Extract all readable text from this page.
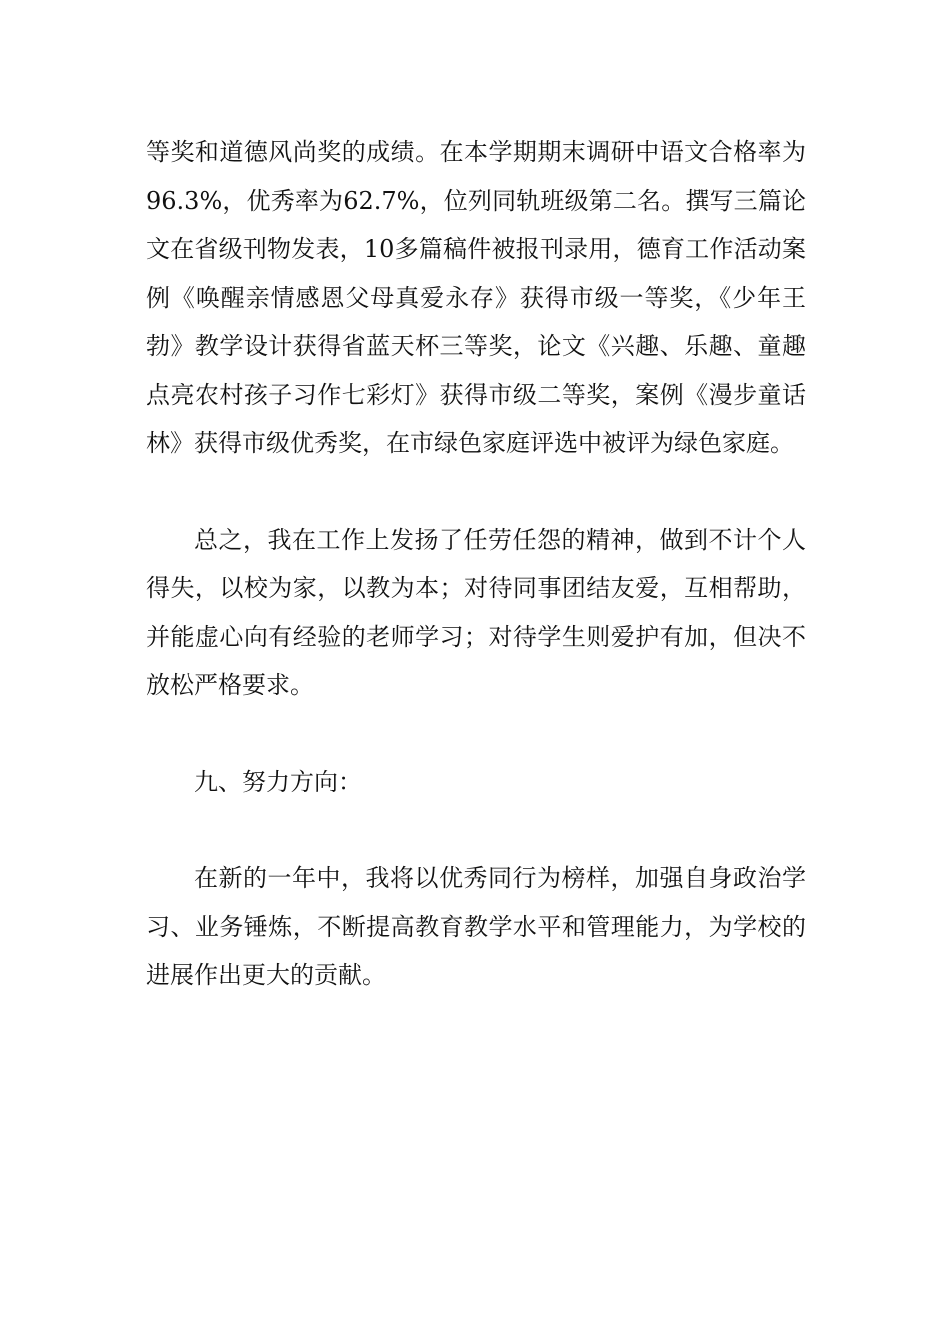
等奖和道德风尚奖的成绩。在本学期期末调研中语文合格率为96.3%，优秀率为62.7%，位列同轨班级第二名。撰写三篇论文在省级刊物发表，10多篇稿件被报刊录用，德育工作活动案例《唤醒亲情感恩父母真爱永存》获得市级一等奖，《少年王勃》教学设计获得省蓝天杯三等奖，论文《兴趣、乐趣、童趣点亮农村孩子习作七彩灯》获得市级二等奖，案例《漫步童话林》获得市级优秀奖，在市绿色家庭评选中被评为绿色家庭。

总之，我在工作上发扬了任劳任怨的精神，做到不计个人得失，以校为家，以教为本；对待同事团结友爱，互相帮助，并能虚心向有经验的老师学习；对待学生则爱护有加，但决不放松严格要求。

九、努力方向：

在新的一年中，我将以优秀同行为榜样，加强自身政治学习、业务锤炼，不断提高教育教学水平和管理能力，为学校的进展作出更大的贡献。
